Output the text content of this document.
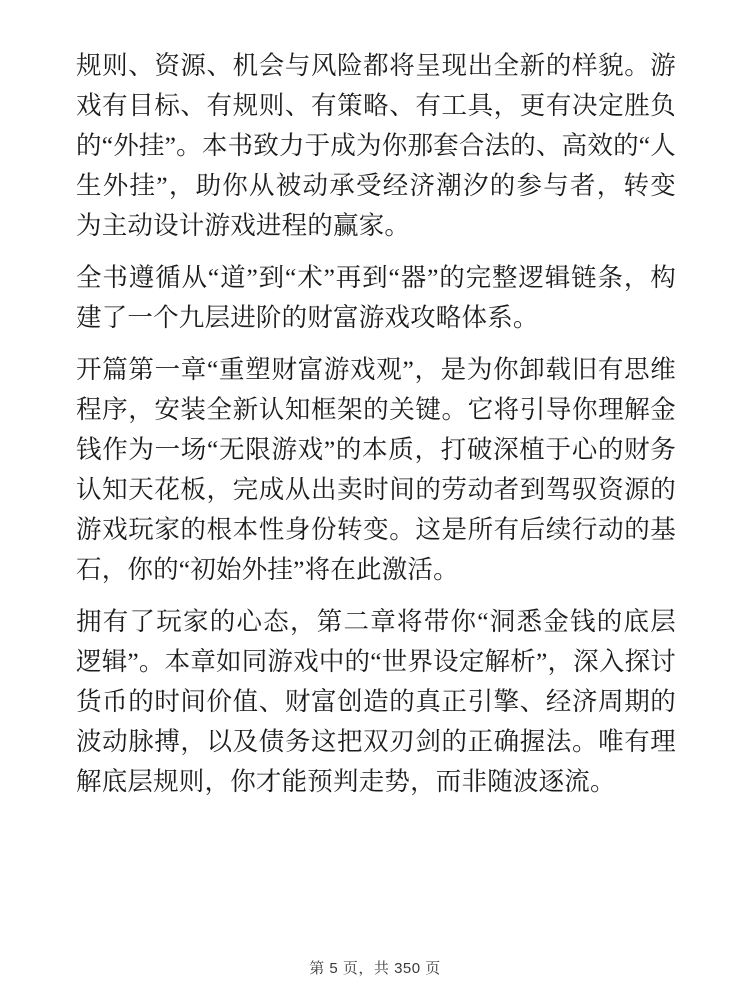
规则、资源、机会与风险都将呈现出全新的样貌。游戏有目标、有规则、有策略、有工具，更有决定胜负的“外挂”。本书致力于成为你那套合法的、高效的“人生外挂”，助你从被动承受经济潮汐的参与者，转变为主动设计游戏进程的赢家。

全书遵循从“道”到“术”再到“器”的完整逻辑链条，构建了一个九层进阶的财富游戏攻略体系。

开篇第一章“重塑财富游戏观”，是为你卸载旧有思维程序，安装全新认知框架的关键。它将引导你理解金钱作为一场“无限游戏”的本质，打破深植于心的财务认知天花板，完成从出卖时间的劳动者到驾驭资源的游戏玩家的根本性身份转变。这是所有后续行动的基石，你的“初始外挂”将在此激活。

拥有了玩家的心态，第二章将带你“洞悉金钱的底层逻辑”。本章如同游戏中的“世界设定解析”，深入探讨货币的时间价值、财富创造的真正引擎、经济周期的波动脉搏，以及债务这把双刃剑的正确握法。唯有理解底层规则，你才能预判走势，而非随波逐流。

第 5 页，共 350 页
